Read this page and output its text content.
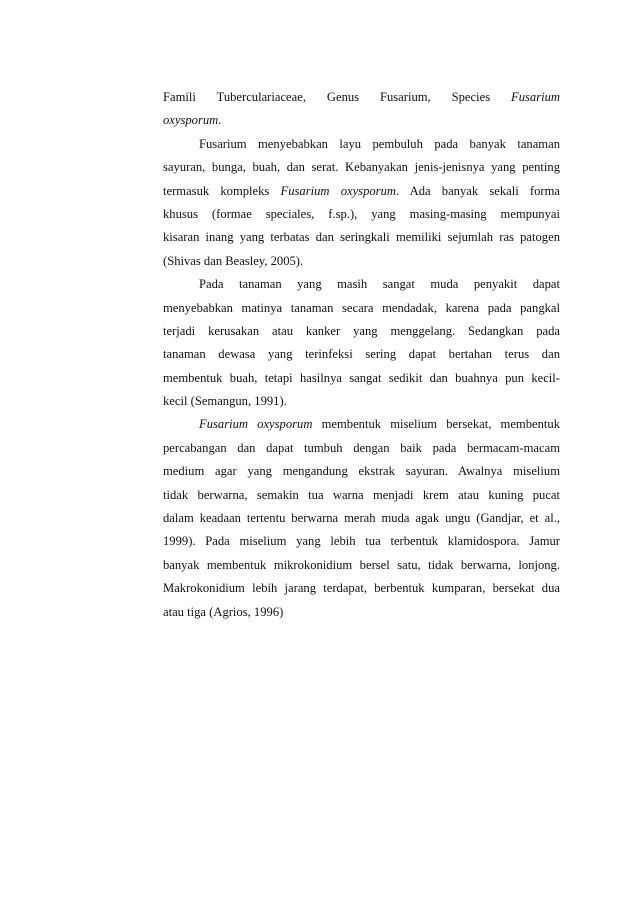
Famili Tuberculariaceae, Genus Fusarium, Species Fusarium
oxysporum.
Fusarium menyebabkan layu pembuluh pada banyak tanaman
sayuran, bunga, buah, dan serat. Kebanyakan jenis-jenisnya yang penting
termasuk kompleks Fusarium oxysporum. Ada banyak sekali forma
khusus (formae speciales, f.sp.), yang masing-masing mempunyai
kisaran inang yang terbatas dan seringkali memiliki sejumlah ras patogen
(Shivas dan Beasley, 2005).
Pada tanaman yang masih sangat muda penyakit dapat
menyebabkan matinya tanaman secara mendadak, karena pada pangkal
terjadi kerusakan atau kanker yang menggelang. Sedangkan pada
tanaman dewasa yang terinfeksi sering dapat bertahan terus dan
membentuk buah, tetapi hasilnya sangat sedikit dan buahnya pun kecil-
kecil (Semangun, 1991).
Fusarium oxysporum membentuk miselium bersekat, membentuk
percabangan dan dapat tumbuh dengan baik pada bermacam-macam
medium agar yang mengandung ekstrak sayuran. Awalnya miselium
tidak berwarna, semakin tua warna menjadi krem atau kuning pucat
dalam keadaan tertentu berwarna merah muda agak ungu (Gandjar, et al.,
1999). Pada miselium yang lebih tua terbentuk klamidospora. Jamur
banyak membentuk mikrokonidium bersel satu, tidak berwarna, lonjong.
Makrokonidium lebih jarang terdapat, berbentuk kumparan, bersekat dua
atau tiga (Agrios, 1996)
